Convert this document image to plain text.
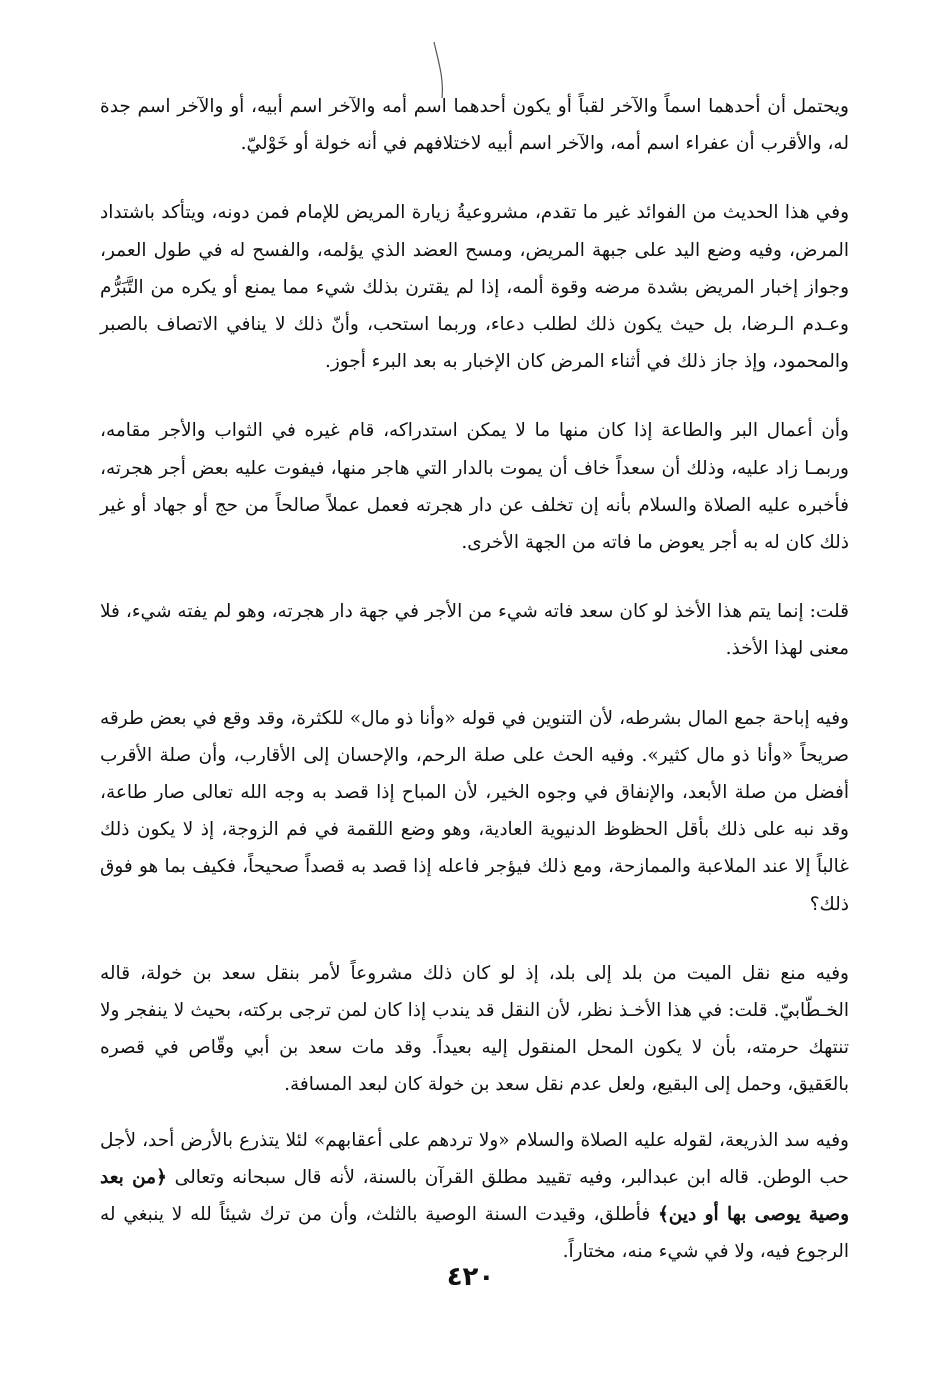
ويحتمل أن أحدهما اسماً والآخر لقباً أو يكون أحدهما اسم أمه والآخر اسم أبيه، أو والآخر اسم جدة له، والأقرب أن عفراء اسم أمه، والآخر اسم أبيه لاختلافهم في أنه خولة أو خَوْليّ.

وفي هذا الحديث من الفوائد غير ما تقدم، مشروعيةُ زيارة المريض للإمام فمن دونه، ويتأكد باشتداد المرض، وفيه وضع اليد على جبهة المريض، ومسح العضد الذي يؤلمه، والفسح له في طول العمر، وجواز إخبار المريض بشدة مرضه وقوة ألمه، إذا لم يقترن بذلك شيء مما يمنع أو يكره من التَّبَرُّم وعـدم الـرضا، بل حيث يكون ذلك لطلب دعاء، وربما استحب، وأنّ ذلك لا ينافي الاتصاف بالصبر والمحمود، وإذ جاز ذلك في أثناء المرض كان الإخبار به بعد البرء أجوز.

وأن أعمال البر والطاعة إذا كان منها ما لا يمكن استدراكه، قام غيره في الثواب والأجر مقامه، وربمـا زاد عليه، وذلك أن سعداً خاف أن يموت بالدار التي هاجر منها، فيفوت عليه بعض أجر هجرته، فأخبره عليه الصلاة والسلام بأنه إن تخلف عن دار هجرته فعمل عملاً صالحاً من حج أو جهاد أو غير ذلك كان له به أجر يعوض ما فاته من الجهة الأخرى.

قلت: إنما يتم هذا الأخذ لو كان سعد فاته شيء من الأجر في جهة دار هجرته، وهو لم يفته شيء، فلا معنى لهذا الأخذ.

وفيه إباحة جمع المال بشرطه، لأن التنوين في قوله «وأنا ذو مال» للكثرة، وقد وقع في بعض طرقه صريحاً «وأنا ذو مال كثير». وفيه الحث على صلة الرحم، والإحسان إلى الأقارب، وأن صلة الأقرب أفضل من صلة الأبعد، والإنفاق في وجوه الخير، لأن المباح إذا قصد به وجه الله تعالى صار طاعة، وقد نبه على ذلك بأقل الحظوظ الدنيوية العادية، وهو وضع اللقمة في فم الزوجة، إذ لا يكون ذلك غالباً إلا عند الملاعبة والممازحة، ومع ذلك فيؤجر فاعله إذا قصد به قصداً صحيحاً، فكيف بما هو فوق ذلك؟

وفيه منع نقل الميت من بلد إلى بلد، إذ لو كان ذلك مشروعاً لأمر بنقل سعد بن خولة، قاله الخـطّابيّ. قلت: في هذا الأخـذ نظر، لأن النقل قد يندب إذا كان لمن ترجى بركته، بحيث لا ينفجر ولا تنتهك حرمته، بأن لا يكون المحل المنقول إليه بعيداً. وقد مات سعد بن أبي وقّاص في قصره بالعَقيق، وحمل إلى البقيع، ولعل عدم نقل سعد بن خولة كان لبعد المسافة.

وفيه سد الذريعة، لقوله عليه الصلاة والسلام «ولا تردهم على أعقابهم» لئلا يتذرع بالأرض أحد، لأجل حب الوطن. قاله ابن عبدالبر، وفيه تقييد مطلق القرآن بالسنة، لأنه قال سبحانه وتعالى ﴿من بعد وصية يوصى بها أو دين﴾ فأطلق، وقيدت السنة الوصية بالثلث، وأن من ترك شيئاً لله لا ينبغي له الرجوع فيه، ولا في شيء منه، مختاراً.

٤٢٠
